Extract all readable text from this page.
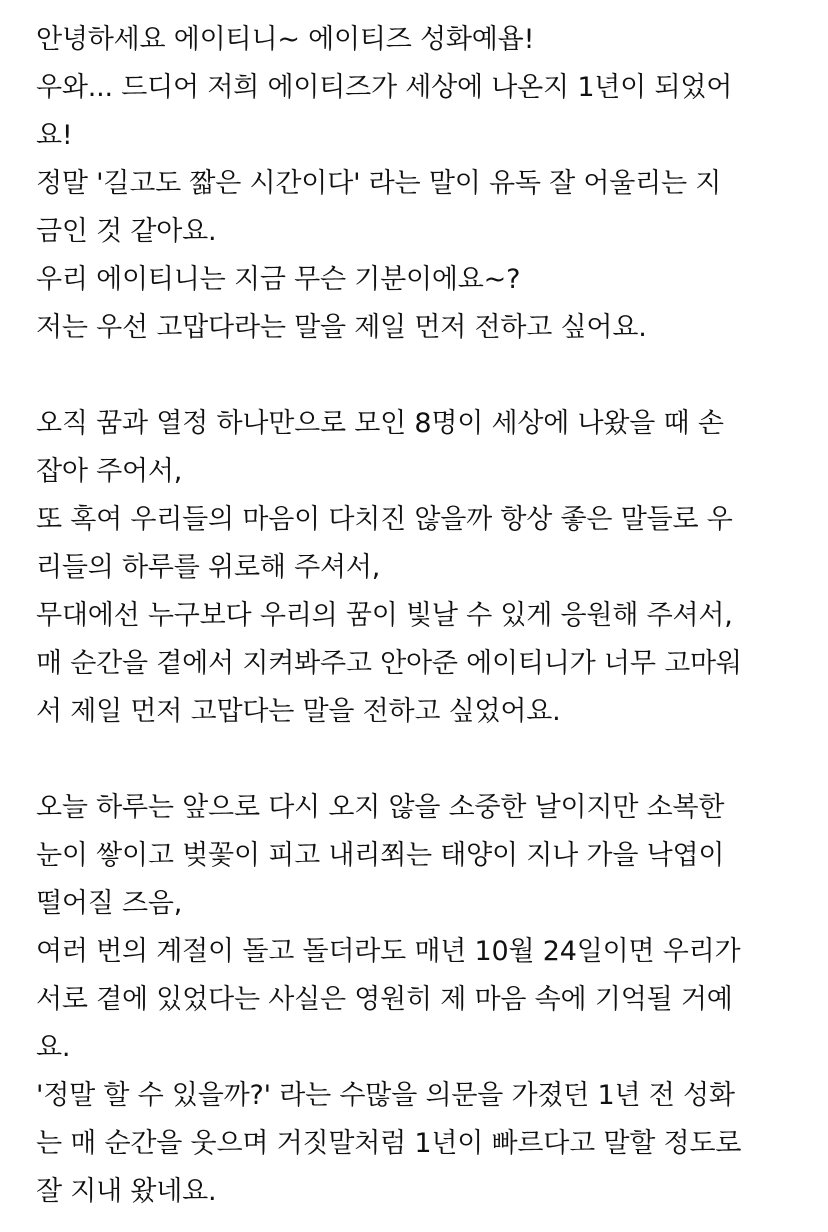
안녕하세요 에이티니~ 에이티즈 성화예욥!
우와... 드디어 저희 에이티즈가 세상에 나온지 1년이 되었어
요!
정말 '길고도 짧은 시간이다' 라는 말이 유독 잘 어울리는 지
금인 것 같아요.
우리 에이티니는 지금 무슨 기분이에요~?
저는 우선 고맙다라는 말을 제일 먼저 전하고 싶어요.
오직 꿈과 열정 하나만으로 모인 8명이 세상에 나왔을 때 손
잡아 주어서,
또 혹여 우리들의 마음이 다치진 않을까 항상 좋은 말들로 우
리들의 하루를 위로해 주셔서,
무대에선 누구보다 우리의 꿈이 빛날 수 있게 응원해 주셔서,
매 순간을 곁에서 지켜봐주고 안아준 에이티니가 너무 고마워
서 제일 먼저 고맙다는 말을 전하고 싶었어요.
오늘 하루는 앞으로 다시 오지 않을 소중한 날이지만 소복한
눈이 쌓이고 벚꽃이 피고 내리쬐는 태양이 지나 가을 낙엽이
떨어질 즈음,
여러 번의 계절이 돌고 돌더라도 매년 10월 24일이면 우리가
서로 곁에 있었다는 사실은 영원히 제 마음 속에 기억될 거예
요.
'정말 할 수 있을까?' 라는 수많을 의문을 가졌던 1년 전 성화
는 매 순간을 웃으며 거짓말처럼 1년이 빠르다고 말할 정도로
잘 지내 왔네요.
